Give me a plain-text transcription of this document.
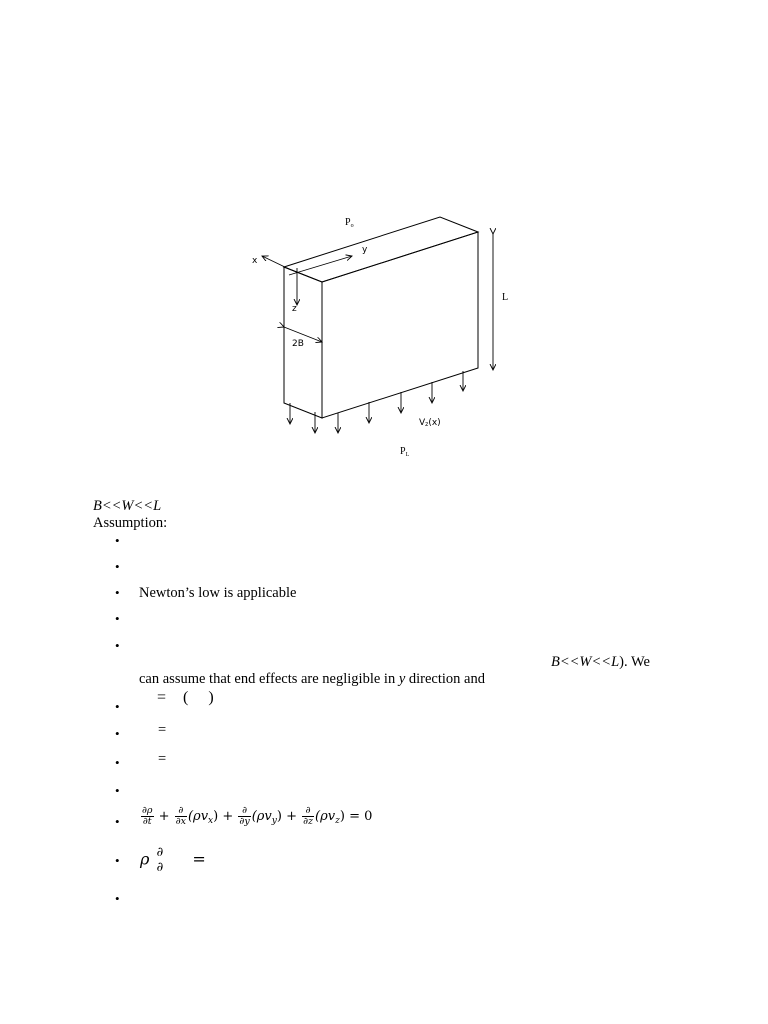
$P_o$
x
y
z
2B
L
Vz(x)
$P_L$
B<<W<<L
Assumption:
•
•
• Newton’s low is applicable
•
•
B<<W<<L). We
can assume that end effects are negligible in y direction and
•
= ( )
•	=
•	=
•
• $\frac{\partial\rho}{\partial t} + \frac{\partial}{\partial x} (\rho v_x) + \frac{\partial}{\partial y} (\rho v_y) + \frac{\partial}{\partial z} (\rho v_z) = 0$
• ρ ∂
∂ =
•
